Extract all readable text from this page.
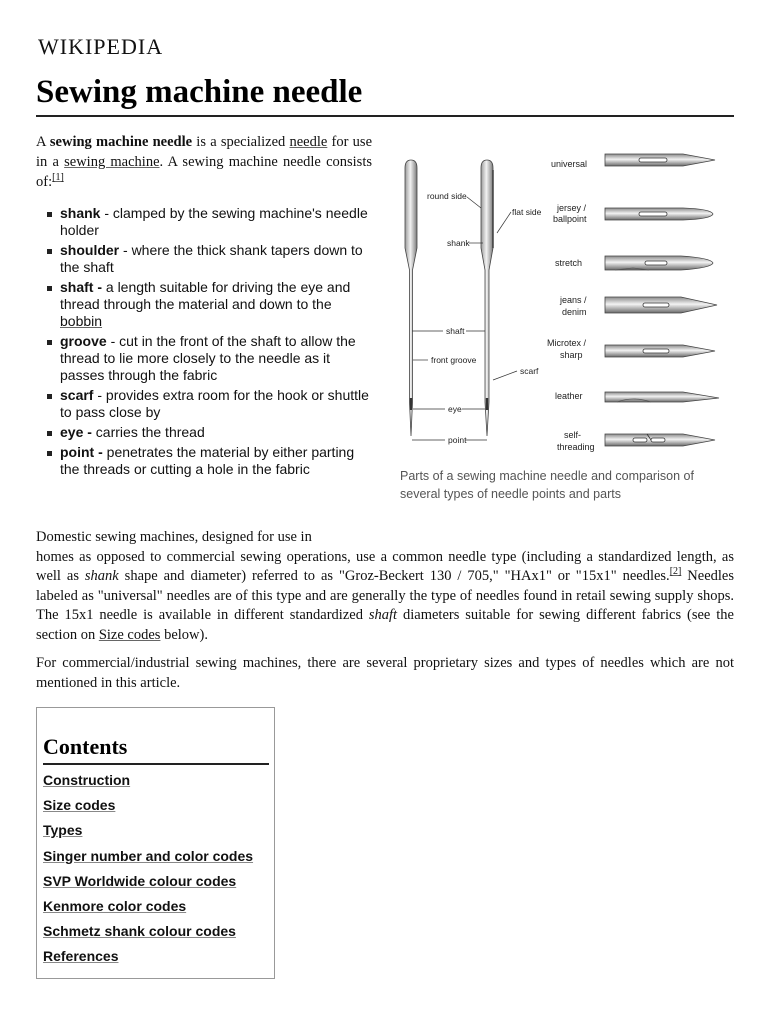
WIKIPEDIA
Sewing machine needle

A sewing machine needle is a specialized needle for use in a sewing machine. A sewing machine needle consists of:[1]

shank - clamped by the sewing machine's needle holder
shoulder - where the thick shank tapers down to the shaft
shaft - a length suitable for driving the eye and thread through the material and down to the bobbin
groove - cut in the front of the shaft to allow the thread to lie more closely to the needle as it passes through the fabric
scarf - provides extra room for the hook or shuttle to pass close by
eye - carries the thread
point - penetrates the material by either parting the threads or cutting a hole in the fabric
round side
flat side
shank
shaft
front groove
scarf
eye
point
universal
jersey /
ballpoint
stretch
jeans /
denim
Microtex /
sharp
leather
self-
threading
Parts of a sewing machine needle and comparison of several types of needle points and parts

Domestic sewing machines, designed for use in
homes as opposed to commercial sewing operations, use a common needle type (including a standardized length, as well as shank shape and diameter) referred to as "Groz-Beckert 130 / 705," "HAx1" or "15x1" needles.[2] Needles labeled as "universal" needles are of this type and are generally the type of needles found in retail sewing supply shops. The 15x1 needle is available in different standardized shaft diameters suitable for sewing different fabrics (see the section on Size codes below).

For commercial/industrial sewing machines, there are several proprietary sizes and types of needles which are not mentioned in this article.

Contents
Construction
Size codes
Types
Singer number and color codes
SVP Worldwide colour codes
Kenmore color codes
Schmetz shank colour codes
References
